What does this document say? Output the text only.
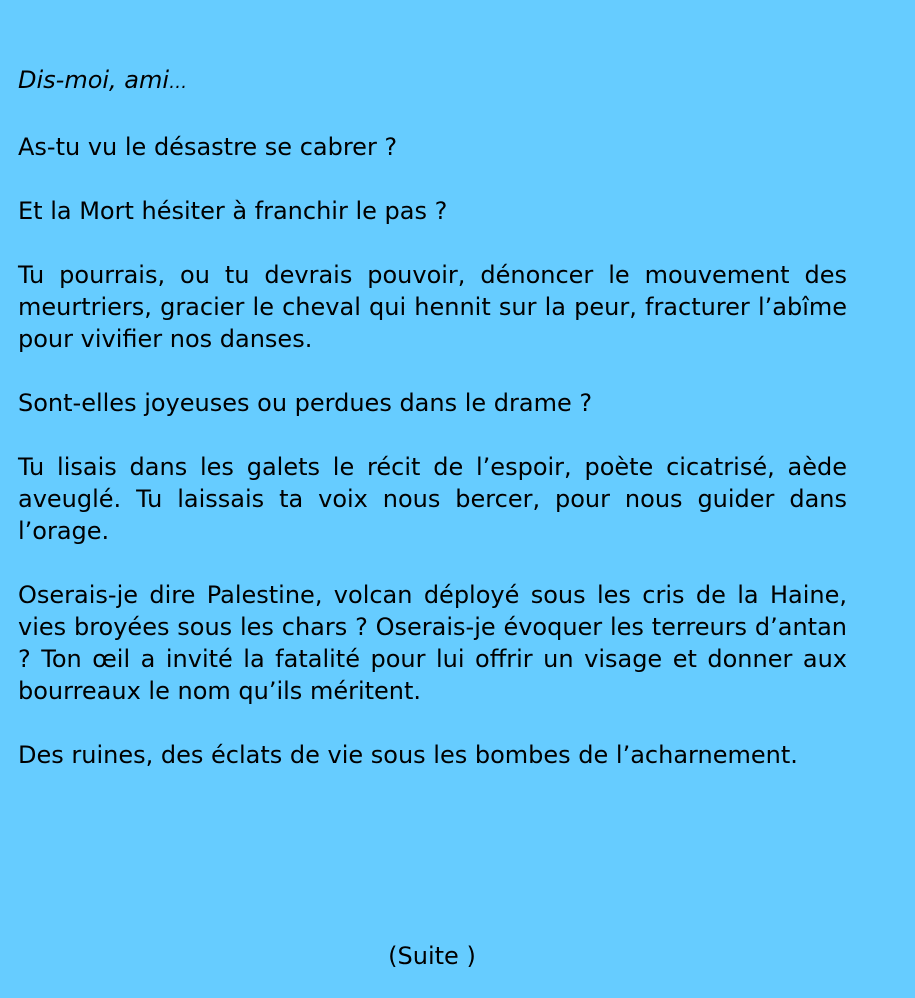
Dis-moi, ami…

As-tu vu le désastre se cabrer ?

Et la Mort hésiter à franchir le pas ?

Tu pourrais, ou tu devrais pouvoir, dénoncer le mouvement des meurtriers, gracier le cheval qui hennit sur la peur, fracturer l’abîme pour vivifier nos danses.

Sont-elles joyeuses ou perdues dans le drame ?

Tu lisais dans les galets le récit de l’espoir, poète cicatrisé, aède aveuglé. Tu laissais ta voix nous bercer, pour nous guider dans l’orage.

Oserais-je dire Palestine, volcan déployé sous les cris de la Haine, vies broyées sous les chars ? Oserais-je évoquer les terreurs d’antan ? Ton œil a invité la fatalité pour lui offrir un visage et donner aux bourreaux le nom qu’ils méritent.

Des ruines, des éclats de vie sous les bombes de l’acharnement.

(Suite )
